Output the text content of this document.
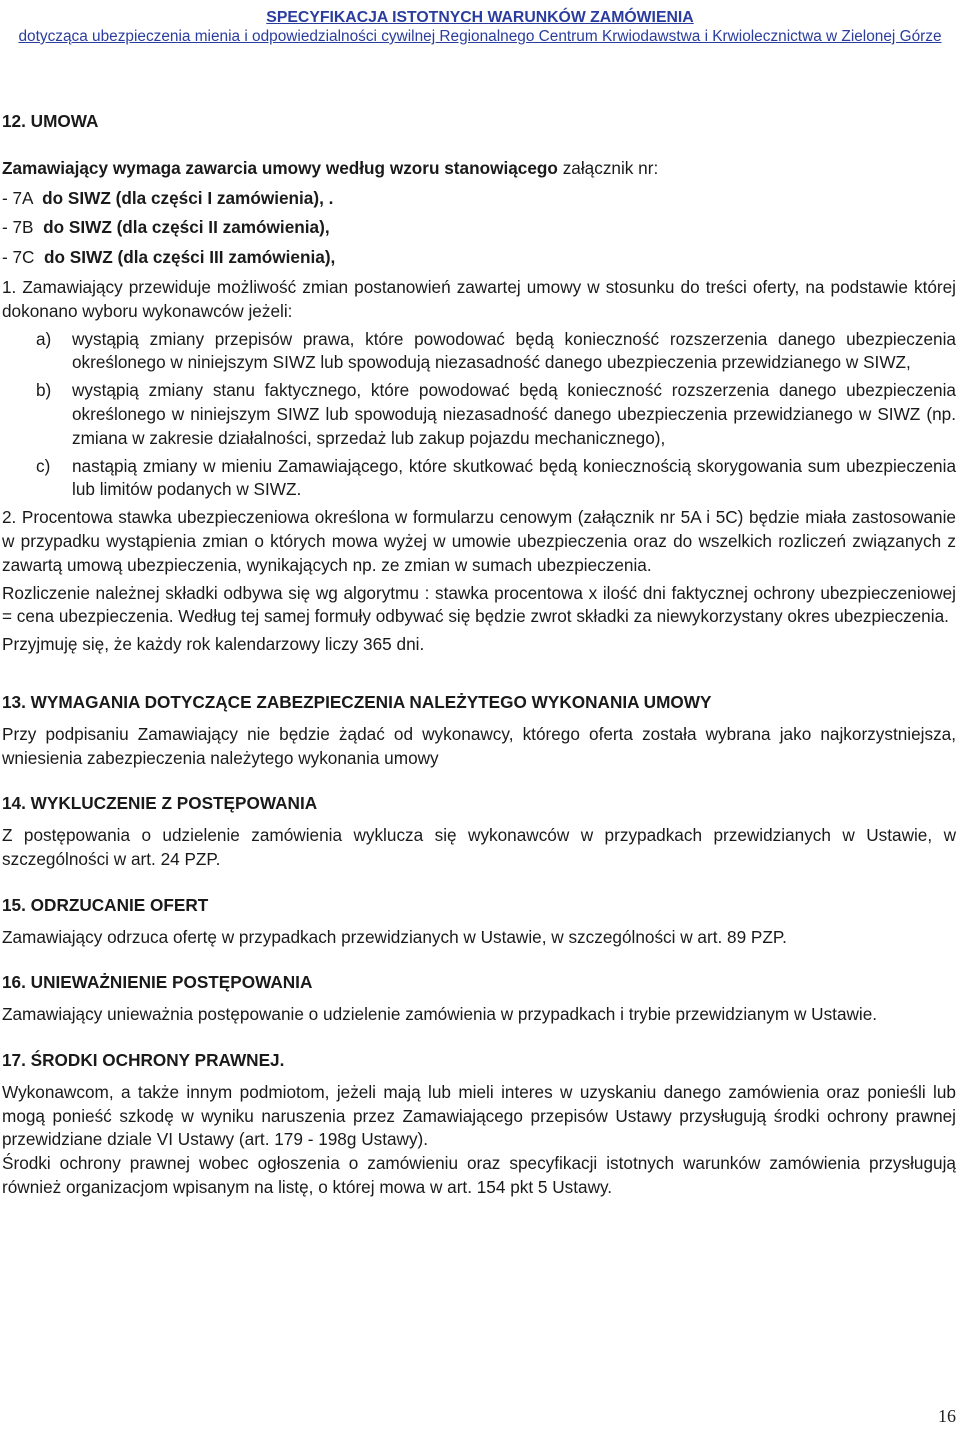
SPECYFIKACJA ISTOTNYCH WARUNKÓW ZAMÓWIENIA
dotycząca ubezpieczenia mienia i odpowiedzialności cywilnej Regionalnego Centrum Krwiodawstwa i Krwiolecznictwa w Zielonej Górze

12. UMOWA

Zamawiający wymaga zawarcia umowy według wzoru stanowiącego załącznik nr:

- 7A  do SIWZ (dla części I zamówienia), .

- 7B  do SIWZ (dla części II zamówienia),

- 7C  do SIWZ (dla części III zamówienia),

1. Zamawiający przewiduje możliwość zmian postanowień zawartej umowy w stosunku do treści oferty, na podstawie której dokonano wyboru wykonawców jeżeli:

a)	wystąpią zmiany przepisów prawa, które powodować będą konieczność rozszerzenia danego ubezpieczenia określonego w niniejszym SIWZ lub spowodują niezasadność danego ubezpieczenia przewidzianego w SIWZ,
b)	wystąpią zmiany stanu faktycznego, które powodować będą konieczność rozszerzenia danego ubezpieczenia określonego w niniejszym SIWZ lub spowodują niezasadność danego ubezpieczenia przewidzianego w SIWZ (np. zmiana w zakresie działalności, sprzedaż lub zakup pojazdu mechanicznego),
c)	nastąpią zmiany w mieniu Zamawiającego, które skutkować będą koniecznością skorygowania sum ubezpieczenia lub limitów podanych w SIWZ.

2. Procentowa stawka ubezpieczeniowa określona w formularzu cenowym (załącznik nr 5A i 5C) będzie miała zastosowanie w przypadku wystąpienia zmian o których mowa wyżej w umowie ubezpieczenia oraz do wszelkich rozliczeń związanych z zawartą umową ubezpieczenia, wynikających np. ze zmian w sumach ubezpieczenia.

Rozliczenie należnej składki odbywa się wg algorytmu : stawka procentowa x ilość dni faktycznej ochrony ubezpieczeniowej = cena ubezpieczenia. Według tej samej formuły odbywać się będzie zwrot składki za niewykorzystany okres ubezpieczenia.

Przyjmuję się, że każdy rok kalendarzowy liczy 365 dni.

13. WYMAGANIA DOTYCZĄCE ZABEZPIECZENIA NALEŻYTEGO WYKONANIA UMOWY

Przy podpisaniu Zamawiający nie będzie żądać od wykonawcy, którego oferta została wybrana jako najkorzystniejsza, wniesienia zabezpieczenia należytego wykonania umowy

14. WYKLUCZENIE Z POSTĘPOWANIA

Z postępowania o udzielenie zamówienia wyklucza się wykonawców w przypadkach przewidzianych w Ustawie, w szczególności w art. 24 PZP.

15. ODRZUCANIE OFERT

Zamawiający odrzuca ofertę w przypadkach przewidzianych w Ustawie, w szczególności w art. 89 PZP.

16. UNIEWAŻNIENIE POSTĘPOWANIA

Zamawiający unieważnia postępowanie o udzielenie zamówienia w przypadkach i trybie przewidzianym w Ustawie.

17. ŚRODKI OCHRONY PRAWNEJ.

Wykonawcom, a także innym podmiotom, jeżeli mają lub mieli interes w uzyskaniu danego zamówienia oraz ponieśli lub mogą ponieść szkodę w wyniku naruszenia przez Zamawiającego przepisów Ustawy przysługują środki ochrony prawnej przewidziane dziale VI Ustawy (art. 179 - 198g Ustawy).

Środki ochrony prawnej wobec ogłoszenia o zamówieniu oraz specyfikacji istotnych warunków zamówienia przysługują również organizacjom wpisanym na listę, o której mowa w art. 154 pkt 5 Ustawy.

16
